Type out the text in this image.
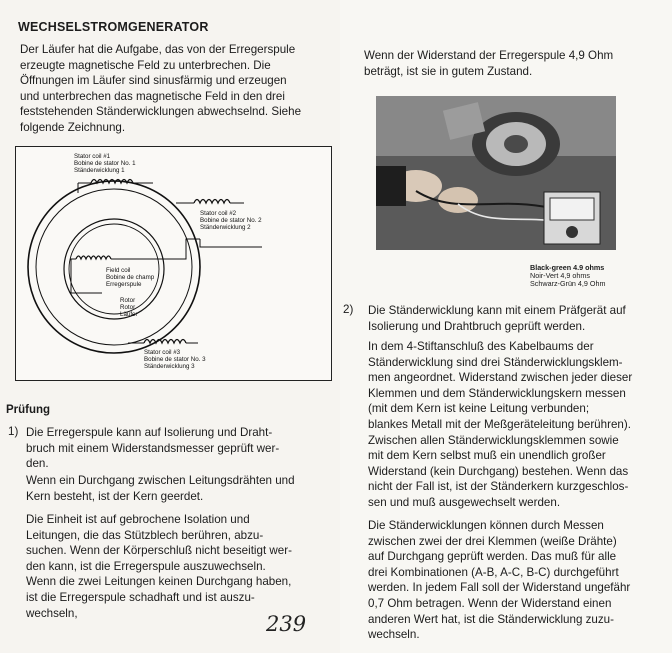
WECHSELSTROMGENERATOR
Der Läufer hat die Aufgabe, das von der Erregerspule
erzeugte magnetische Feld zu unterbrechen. Die
Öffnungen im Läufer sind sinusfärmig und erzeugen
und unterbrechen das magnetische Feld in den drei
feststehenden Ständerwicklungen abwechselnd. Siehe
folgende Zeichnung.
Stator coil #1
Bobine de stator No. 1
Ständerwicklung 1
Stator coil #2
Bobine de stator No. 2
Ständerwicklung 2
Field coil
Bobine de champ
Erregerspule
Rotor
Rotor
Läufer
Stator coil #3
Bobine de stator No. 3
Ständerwicklung 3
Prüfung
1) Die Erregerspule kann auf Isolierung und Draht-
bruch mit einem Widerstandsmesser geprüft wer-
den.
Wenn ein Durchgang zwischen Leitungsdrähten und
Kern besteht, ist der Kern geerdet.
Die Einheit ist auf gebrochene Isolation und
Leitungen, die das Stützblech berühren, abzu-
suchen. Wenn der Körperschluß nicht beseitigt wer-
den kann, ist die Erregerspule auszuwechseln.
Wenn die zwei Leitungen keinen Durchgang haben,
ist die Erregerspule schadhaft und ist auszu-
wechseln,	239
Wenn der Widerstand der Erregerspule 4,9 Ohm
beträgt, ist sie in gutem Zustand.
Black-green 4.9 ohms
Noir-Vert 4,9 ohms
Schwarz-Grün 4,9 Ohm
2) Die Ständerwicklung kann mit einem Präfgerät auf
Isolierung und Drahtbruch geprüft werden.
In dem 4-Stiftanschluß des Kabelbaums der
Ständerwicklung sind drei Ständerwicklungsklem-
men angeordnet. Widerstand zwischen jeder dieser
Klemmen und dem Ständerwicklungskern messen
(mit dem Kern ist keine Leitung verbunden;
blankes Metall mit der Meßgeräteleitung berühren).
Zwischen allen Ständerwicklungsklemmen sowie
mit dem Kern selbst muß ein unendlich großer
Widerstand (kein Durchgang) bestehen. Wenn das
nicht der Fall ist, ist der Ständerkern kurzgeschlos-
sen und muß ausgewechselt werden.
Die Ständerwicklungen können durch Messen
zwischen zwei der drei Klemmen (weiße Drähte)
auf Durchgang geprüft werden. Das muß für alle
drei Kombinationen (A-B, A-C, B-C) durchgeführt
werden. In jedem Fall soll der Widerstand ungefähr
0,7 Ohm betragen. Wenn der Widerstand einen
anderen Wert hat, ist die Ständerwicklung zuzu-
wechseln.
